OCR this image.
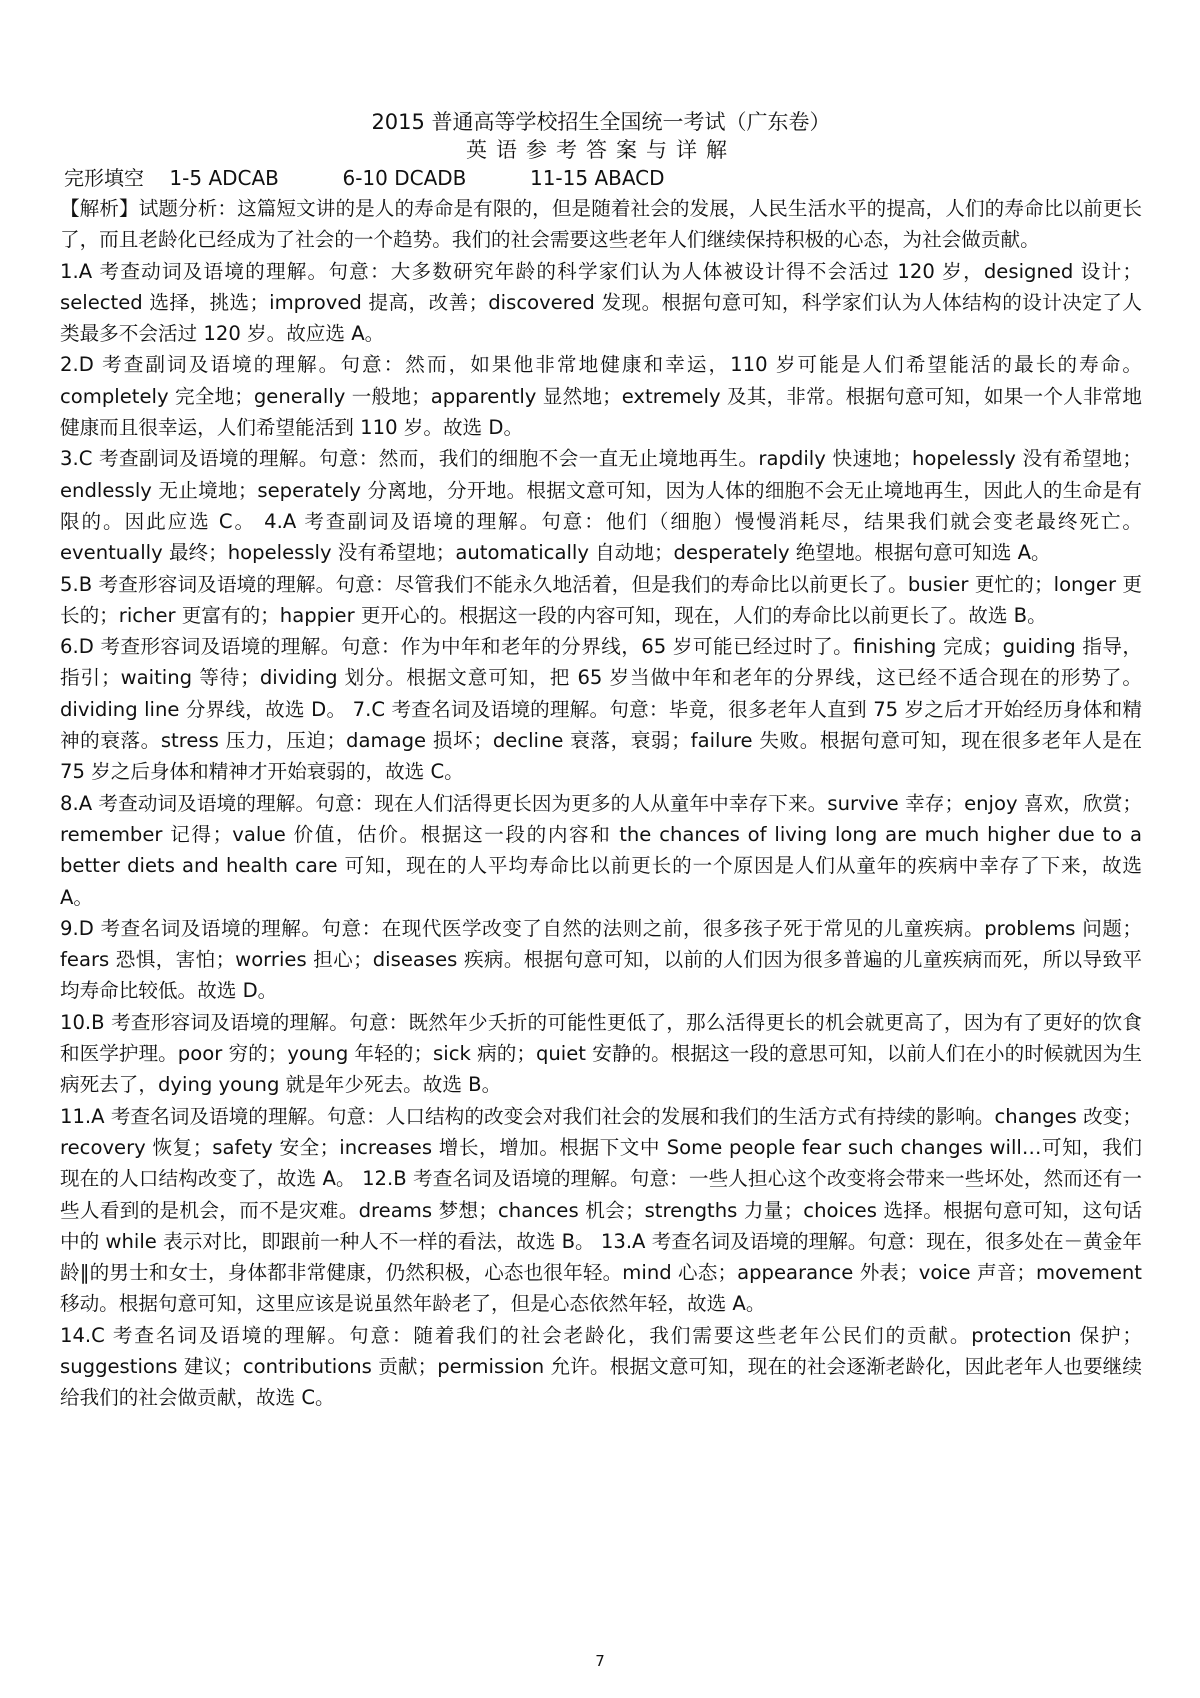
2015 普通高等学校招生全国统一考试（广东卷）
英语参考答案与详解

完形填空    1-5 ADCAB          6-10 DCADB          11-15 ABACD

【解析】试题分析：这篇短文讲的是人的寿命是有限的，但是随着社会的发展，人民生活水平的提高，人们的寿命比以前更长了，而且老龄化已经成为了社会的一个趋势。我们的社会需要这些老年人们继续保持积极的心态，为社会做贡献。

1.A 考查动词及语境的理解。句意：大多数研究年龄的科学家们认为人体被设计得不会活过 120 岁，designed 设计；selected 选择，挑选；improved 提高，改善；discovered 发现。根据句意可知，科学家们认为人体结构的设计决定了人类最多不会活过 120 岁。故应选 A。

2.D 考查副词及语境的理解。句意：然而，如果他非常地健康和幸运，110 岁可能是人们希望能活的最长的寿命。completely 完全地；generally 一般地；apparently 显然地；extremely 及其，非常。根据句意可知，如果一个人非常地健康而且很幸运，人们希望能活到 110 岁。故选 D。

3.C 考查副词及语境的理解。句意：然而，我们的细胞不会一直无止境地再生。rapdily 快速地；hopelessly 没有希望地；endlessly 无止境地；seperately 分离地，分开地。根据文意可知，因为人体的细胞不会无止境地再生，因此人的生命是有限的。因此应选 C。 4.A 考查副词及语境的理解。句意：他们（细胞）慢慢消耗尽，结果我们就会变老最终死亡。eventually 最终；hopelessly 没有希望地；automatically 自动地；desperately 绝望地。根据句意可知选 A。

5.B 考查形容词及语境的理解。句意：尽管我们不能永久地活着，但是我们的寿命比以前更长了。busier 更忙的；longer 更长的；richer 更富有的；happier 更开心的。根据这一段的内容可知，现在，人们的寿命比以前更长了。故选 B。

6.D 考查形容词及语境的理解。句意：作为中年和老年的分界线，65 岁可能已经过时了。finishing 完成；guiding 指导，指引；waiting 等待；dividing 划分。根据文意可知，把 65 岁当做中年和老年的分界线，这已经不适合现在的形势了。dividing line 分界线，故选 D。 7.C 考查名词及语境的理解。句意：毕竟，很多老年人直到 75 岁之后才开始经历身体和精神的衰落。stress 压力，压迫；damage 损坏；decline 衰落，衰弱；failure 失败。根据句意可知，现在很多老年人是在 75 岁之后身体和精神才开始衰弱的，故选 C。

8.A 考查动词及语境的理解。句意：现在人们活得更长因为更多的人从童年中幸存下来。survive 幸存；enjoy 喜欢，欣赏；remember 记得；value 价值，估价。根据这一段的内容和 the chances of living long are much higher due to a better diets and health care 可知，现在的人平均寿命比以前更长的一个原因是人们从童年的疾病中幸存了下来，故选 A。

9.D 考查名词及语境的理解。句意：在现代医学改变了自然的法则之前，很多孩子死于常见的儿童疾病。problems 问题；fears 恐惧，害怕；worries 担心；diseases 疾病。根据句意可知，以前的人们因为很多普遍的儿童疾病而死，所以导致平均寿命比较低。故选 D。

10.B 考查形容词及语境的理解。句意：既然年少夭折的可能性更低了，那么活得更长的机会就更高了，因为有了更好的饮食和医学护理。poor 穷的；young 年轻的；sick 病的；quiet 安静的。根据这一段的意思可知，以前人们在小的时候就因为生病死去了，dying young 就是年少死去。故选 B。

11.A 考查名词及语境的理解。句意：人口结构的改变会对我们社会的发展和我们的生活方式有持续的影响。changes 改变；recovery 恢复；safety 安全；increases 增长，增加。根据下文中 Some people fear such changes will…可知，我们现在的人口结构改变了，故选 A。 12.B 考查名词及语境的理解。句意：一些人担心这个改变将会带来一些坏处，然而还有一些人看到的是机会，而不是灾难。dreams 梦想；chances 机会；strengths 力量；choices 选择。根据句意可知，这句话中的 while 表示对比，即跟前一种人不一样的看法，故选 B。 13.A 考查名词及语境的理解。句意：现在，很多处在－黄金年龄‖的男士和女士，身体都非常健康，仍然积极，心态也很年轻。mind 心态；appearance 外表；voice 声音；movement 移动。根据句意可知，这里应该是说虽然年龄老了，但是心态依然年轻，故选 A。

14.C 考查名词及语境的理解。句意：随着我们的社会老龄化，我们需要这些老年公民们的贡献。protection 保护；suggestions 建议；contributions 贡献；permission 允许。根据文意可知，现在的社会逐渐老龄化，因此老年人也要继续给我们的社会做贡献，故选 C。

7
